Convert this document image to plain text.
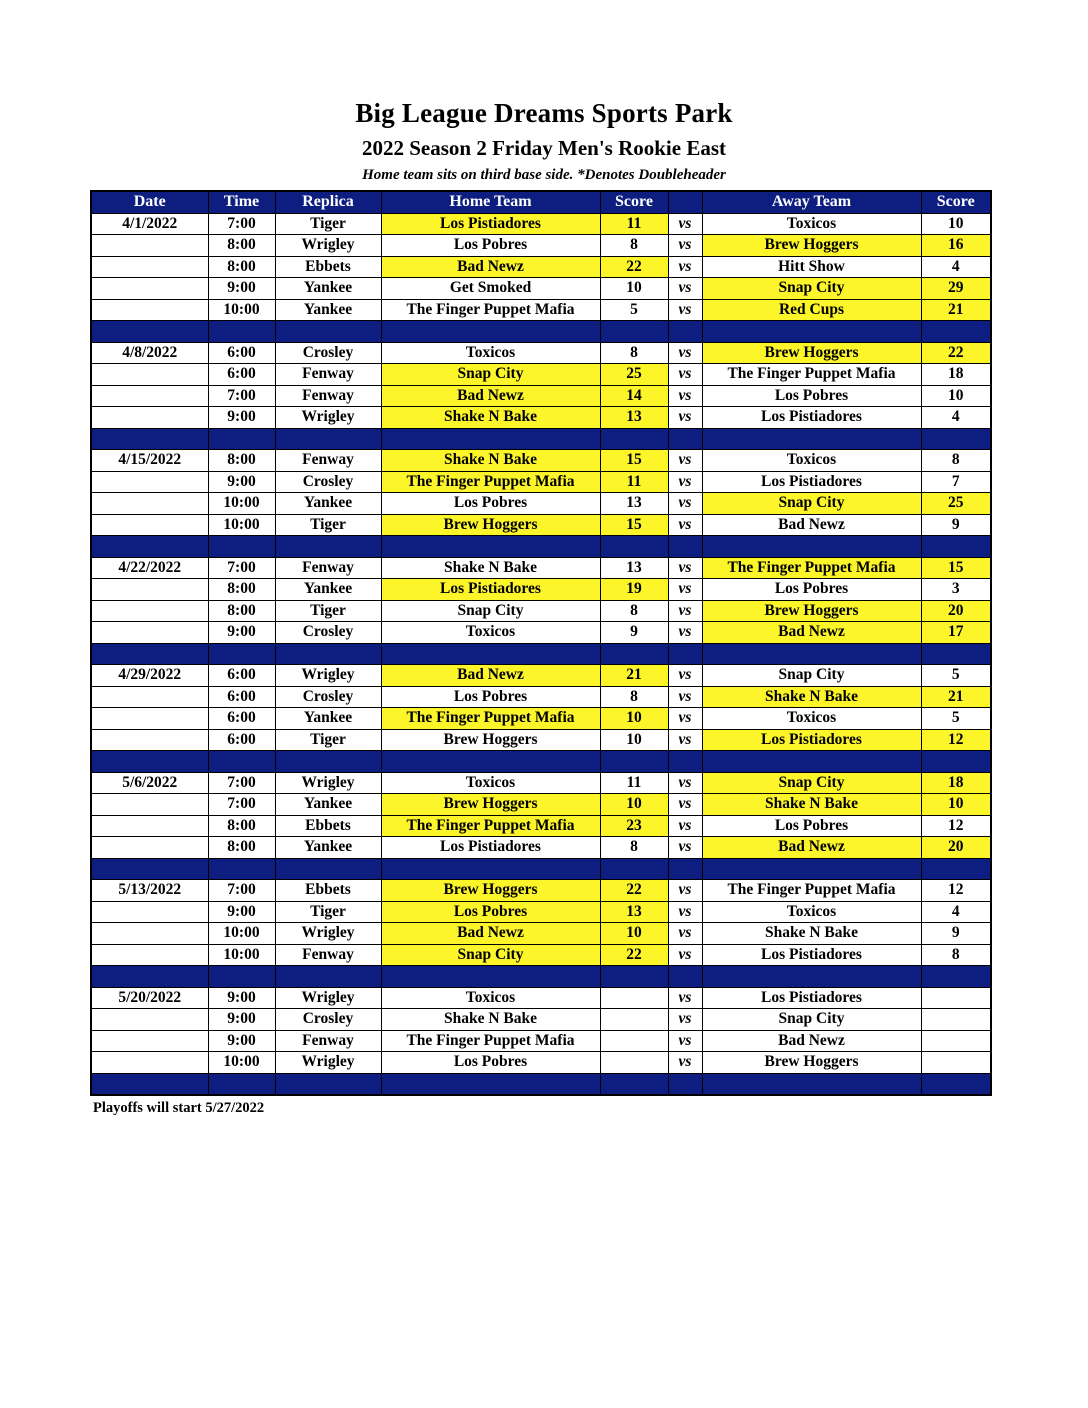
Big League Dreams Sports Park
2022 Season 2 Friday Men's Rookie East
Home team sits on third base side. *Denotes Doubleheader
Date	Time	Replica	Home Team	Score		Away Team	Score
4/1/2022	7:00	Tiger	Los Pistiadores	11	vs	Toxicos	10
	8:00	Wrigley	Los Pobres	8	vs	Brew Hoggers	16
	8:00	Ebbets	Bad Newz	22	vs	Hitt Show	4
	9:00	Yankee	Get Smoked	10	vs	Snap City	29
	10:00	Yankee	The Finger Puppet Mafia	5	vs	Red Cups	21

4/8/2022	6:00	Crosley	Toxicos	8	vs	Brew Hoggers	22
	6:00	Fenway	Snap City	25	vs	The Finger Puppet Mafia	18
	7:00	Fenway	Bad Newz	14	vs	Los Pobres	10
	9:00	Wrigley	Shake N Bake	13	vs	Los Pistiadores	4

4/15/2022	8:00	Fenway	Shake N Bake	15	vs	Toxicos	8
	9:00	Crosley	The Finger Puppet Mafia	11	vs	Los Pistiadores	7
	10:00	Yankee	Los Pobres	13	vs	Snap City	25
	10:00	Tiger	Brew Hoggers	15	vs	Bad Newz	9

4/22/2022	7:00	Fenway	Shake N Bake	13	vs	The Finger Puppet Mafia	15
	8:00	Yankee	Los Pistiadores	19	vs	Los Pobres	3
	8:00	Tiger	Snap City	8	vs	Brew Hoggers	20
	9:00	Crosley	Toxicos	9	vs	Bad Newz	17

4/29/2022	6:00	Wrigley	Bad Newz	21	vs	Snap City	5
	6:00	Crosley	Los Pobres	8	vs	Shake N Bake	21
	6:00	Yankee	The Finger Puppet Mafia	10	vs	Toxicos	5
	6:00	Tiger	Brew Hoggers	10	vs	Los Pistiadores	12

5/6/2022	7:00	Wrigley	Toxicos	11	vs	Snap City	18
	7:00	Yankee	Brew Hoggers	10	vs	Shake N Bake	10
	8:00	Ebbets	The Finger Puppet Mafia	23	vs	Los Pobres	12
	8:00	Yankee	Los Pistiadores	8	vs	Bad Newz	20

5/13/2022	7:00	Ebbets	Brew Hoggers	22	vs	The Finger Puppet Mafia	12
	9:00	Tiger	Los Pobres	13	vs	Toxicos	4
	10:00	Wrigley	Bad Newz	10	vs	Shake N Bake	9
	10:00	Fenway	Snap City	22	vs	Los Pistiadores	8

5/20/2022	9:00	Wrigley	Toxicos		vs	Los Pistiadores	
	9:00	Crosley	Shake N Bake		vs	Snap City	
	9:00	Fenway	The Finger Puppet Mafia		vs	Bad Newz	
	10:00	Wrigley	Los Pobres		vs	Brew Hoggers	

Playoffs will start 5/27/2022
